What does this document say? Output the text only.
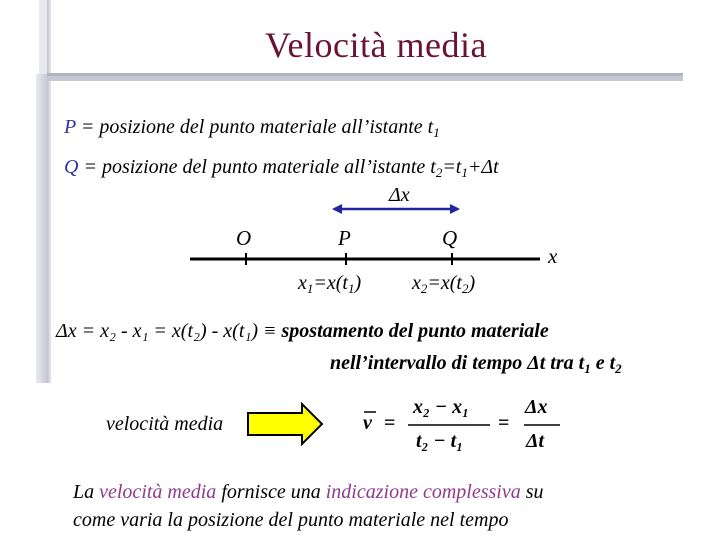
Velocità media
P = posizione del punto materiale all’istante $t_1$
Q = posizione del punto materiale all’istante $t_2=t_1+\Delta t$
Δx
O	P	Q
x
$x_1=x(t_1)$	$x_2=x(t_2)$
Δx = x₂ - x₁ = x(t₂) - x(t₁) ≡ spostamento del punto materiale
nell’intervallo di tempo Δt tra $t_1$ e $t_2$
velocità media	v =
x₂ − x₁
t₂ − t₁
=
Δx
Δt
La velocità media fornisce una indicazione complessiva su
come varia la posizione del punto materiale nel tempo
